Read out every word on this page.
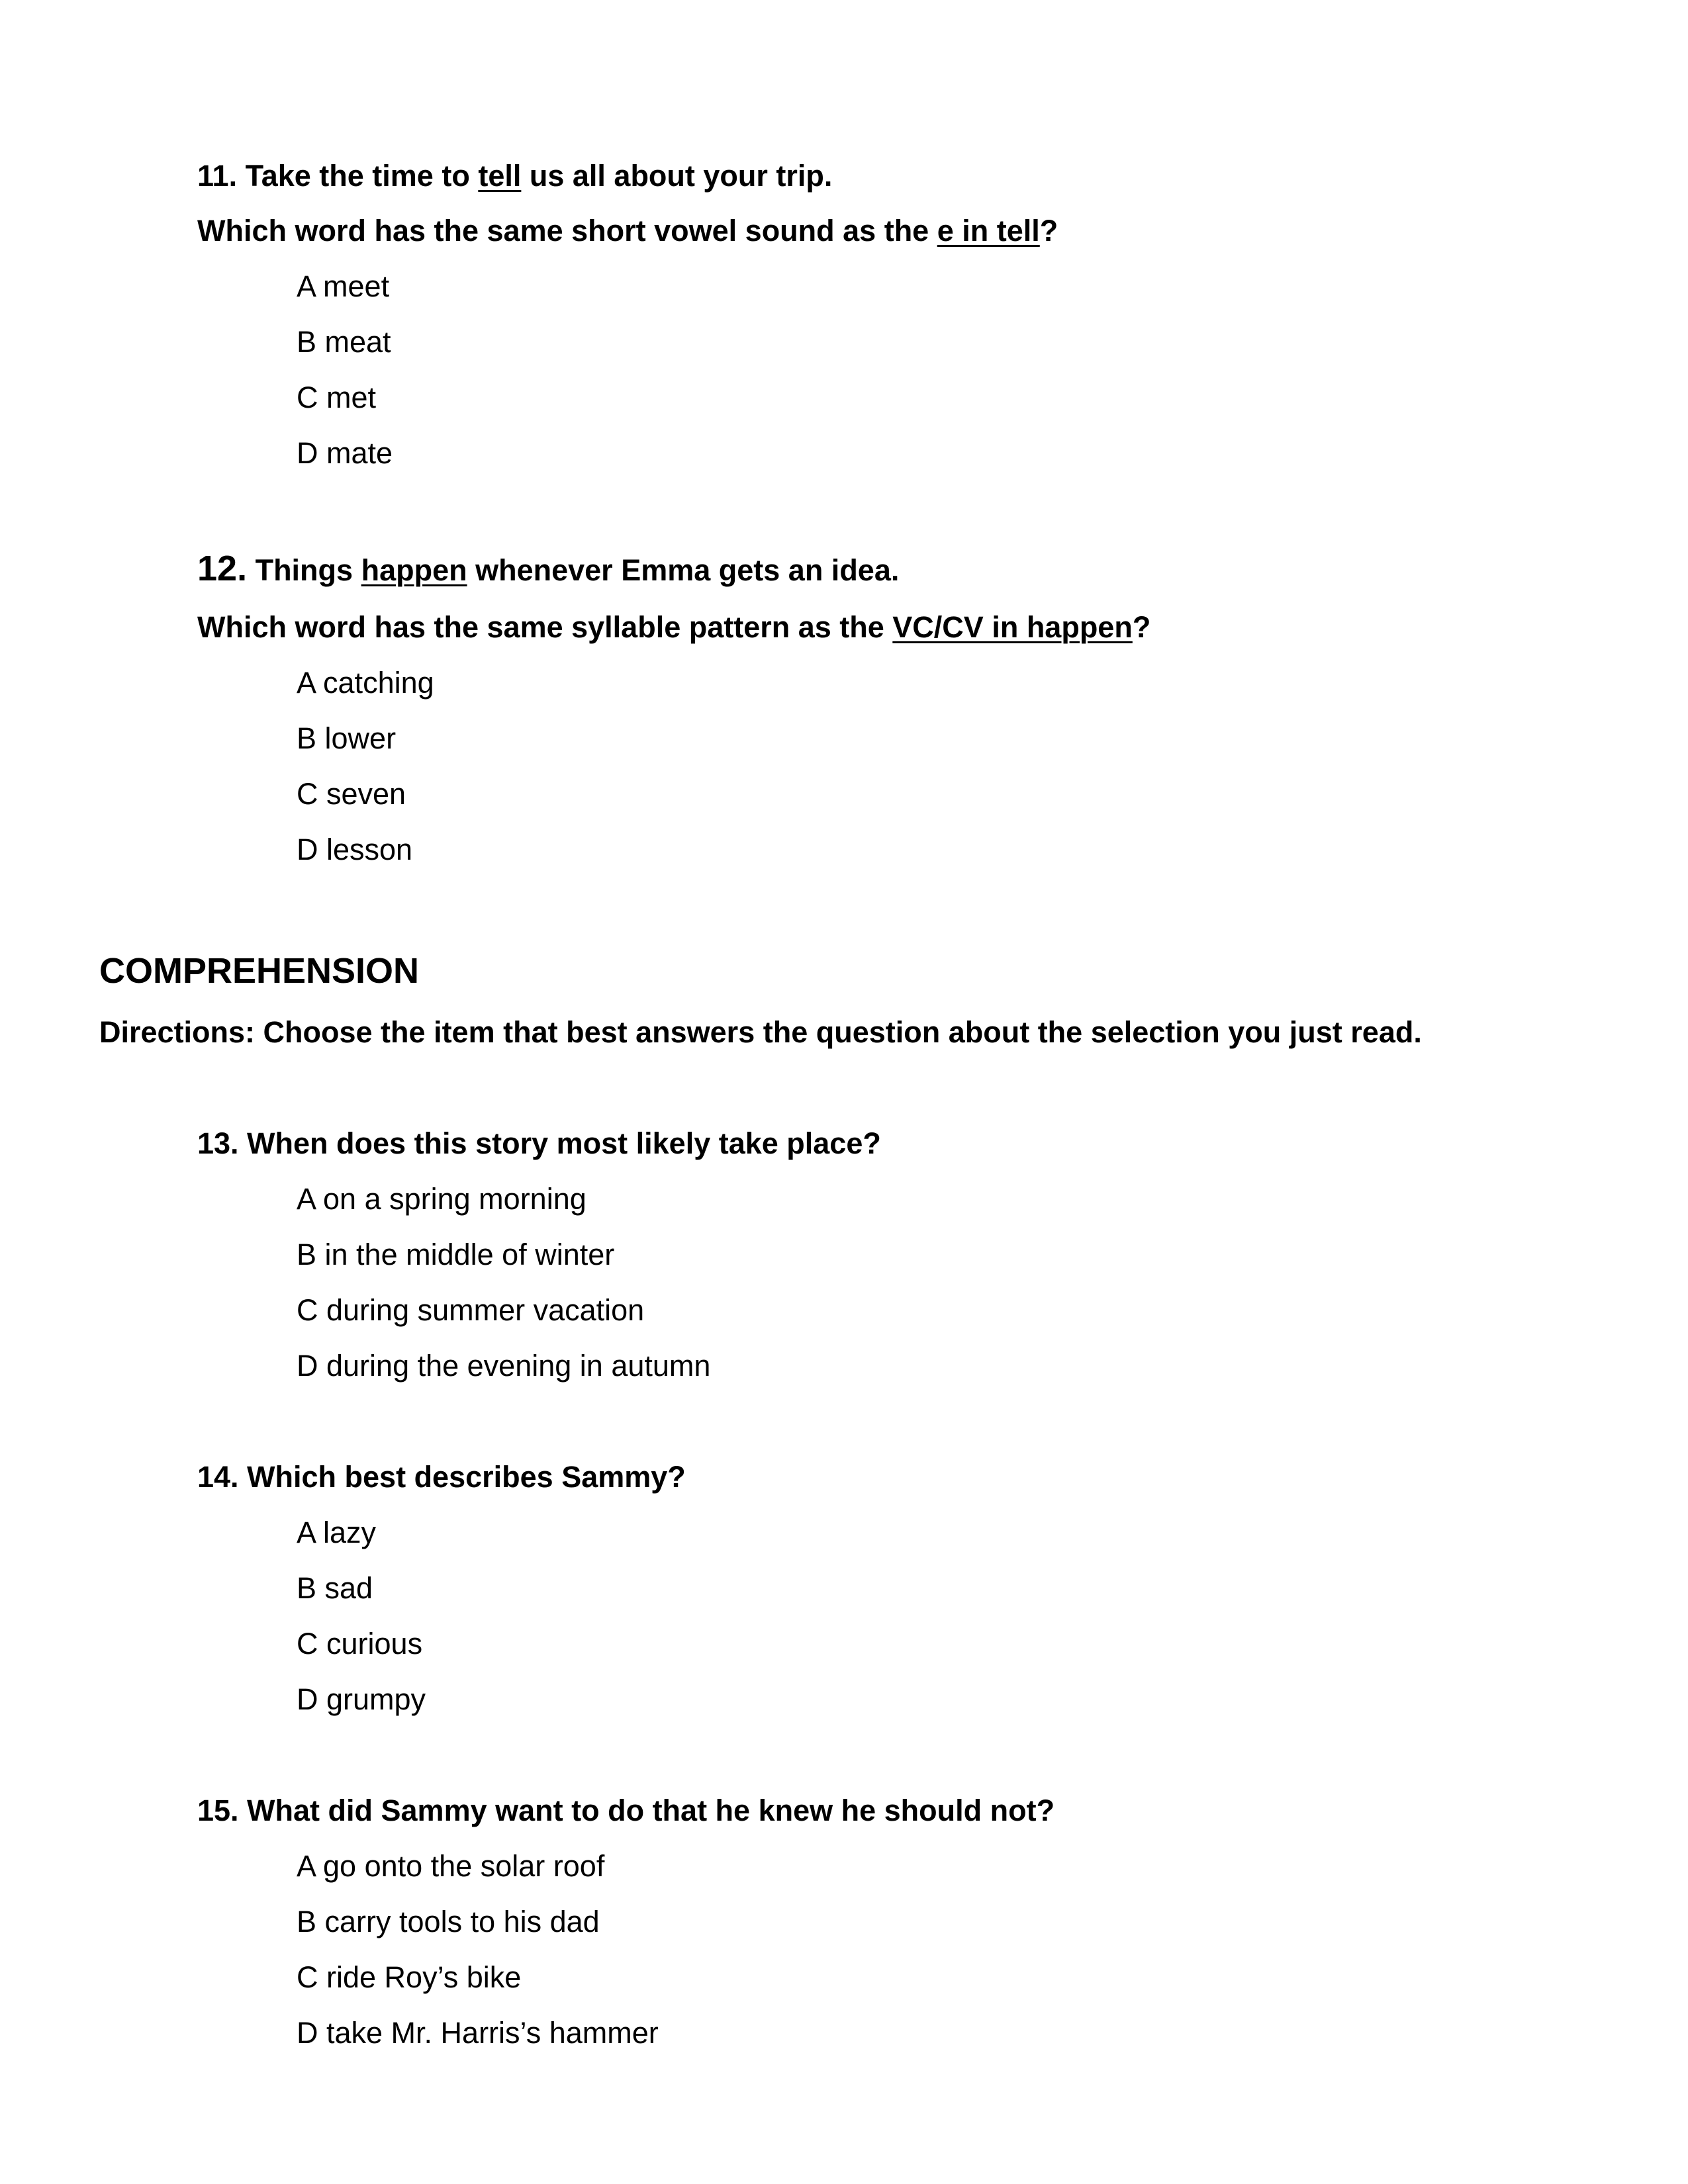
11. Take the time to tell us all about your trip.
Which word has the same short vowel sound as the e in tell?
A meet
B meat
C met
D mate
12. Things happen whenever Emma gets an idea.
Which word has the same syllable pattern as the VC/CV in happen?
A catching
B lower
C seven
D lesson
COMPREHENSION
Directions: Choose the item that best answers the question about the selection you just read.
13. When does this story most likely take place?
A on a spring morning
B in the middle of winter
C during summer vacation
D during the evening in autumn
14. Which best describes Sammy?
A lazy
B sad
C curious
D grumpy
15. What did Sammy want to do that he knew he should not?
A go onto the solar roof
B carry tools to his dad
C ride Roy’s bike
D take Mr. Harris’s hammer
